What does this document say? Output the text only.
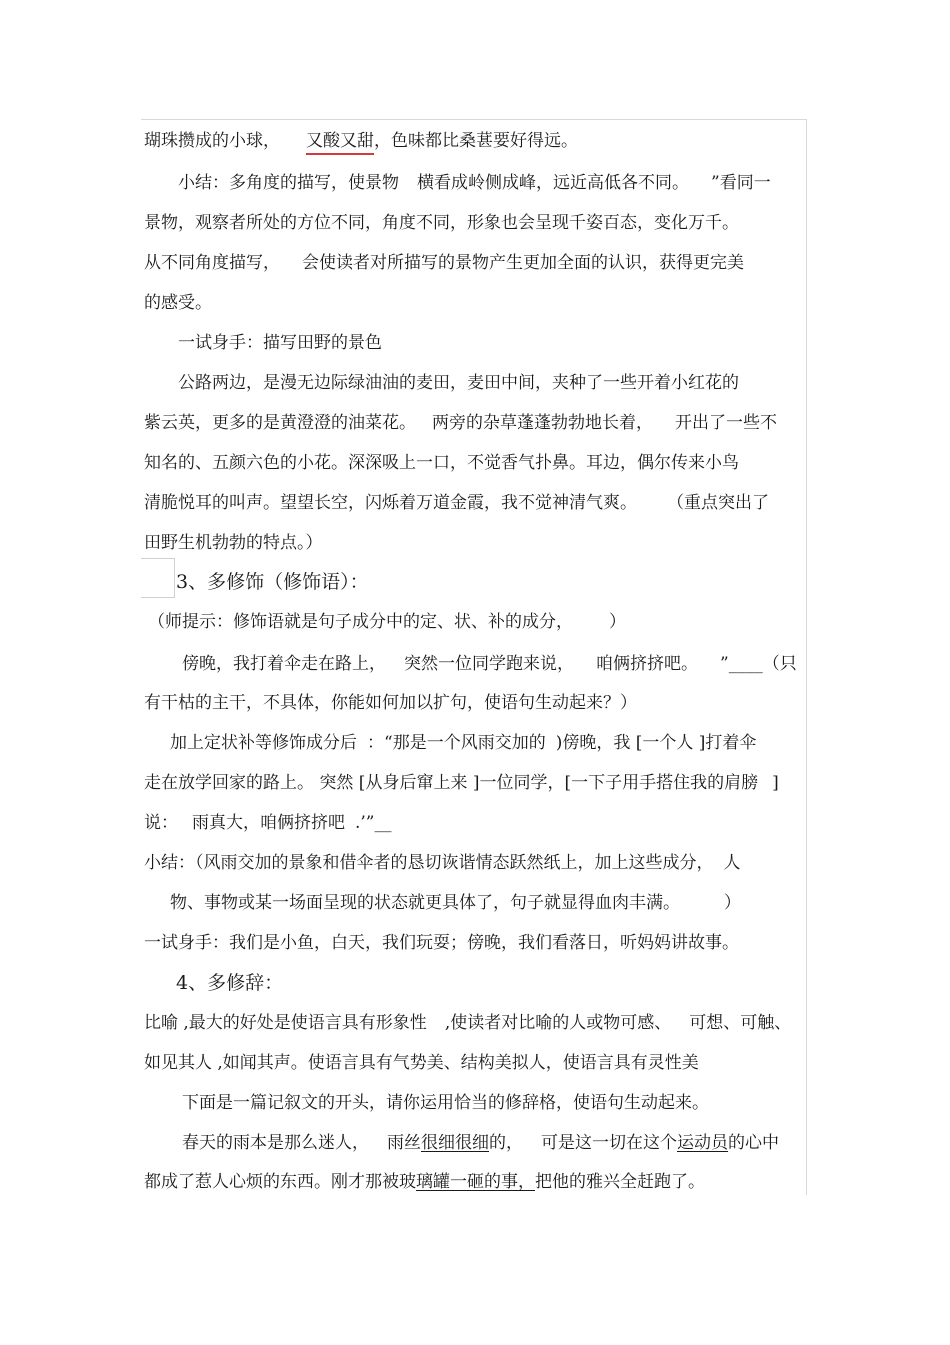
瑚珠攒成的小球， 又酸又甜，色味都比桑葚要好得远。
小结：多角度的描写，使景物 横看成岭侧成峰，远近高低各不同。 ”看同一
景物，观察者所处的方位不同，角度不同，形象也会呈现千姿百态，变化万千。
从不同角度描写， 会使读者对所描写的景物产生更加全面的认识，获得更完美
的感受。
一试身手：描写田野的景色
公路两边，是漫无边际绿油油的麦田，麦田中间，夹种了一些开着小红花的
紫云英，更多的是黄澄澄的油菜花。 两旁的杂草蓬蓬勃勃地长着， 开出了一些不
知名的、五颜六色的小花。深深吸上一口，不觉香气扑鼻。耳边，偶尔传来小鸟
清脆悦耳的叫声。望望长空，闪烁着万道金霞，我不觉神清气爽。 （重点突出了
田野生机勃勃的特点。）
3、多修饰（修饰语）：
（师提示：修饰语就是句子成分中的定、状、补的成分， ）
傍晚，我打着伞走在路上， 突然一位同学跑来说， 咱俩挤挤吧。 ”____（只
有干枯的主干，不具体，你能如何加以扩句，使语句生动起来？）
加上定状补等修饰成分后 ：“那是一个风雨交加的 )傍晚，我 [一个人 ]打着伞
走在放学回家的路上。 突然 [从身后窜上来 ]一位同学，[一下子用手搭住我的肩膀 ]
说： 雨真大，咱俩挤挤吧 .’”__
小结：（风雨交加的景象和借伞者的恳切诙谐情态跃然纸上，加上这些成分， 人
物、事物或某一场面呈现的状态就更具体了，句子就显得血肉丰满。	）
一试身手：我们是小鱼，白天，我们玩耍；傍晚，我们看落日，听妈妈讲故事。
4、多修辞：
比喻 ,最大的好处是使语言具有形象性 ,使读者对比喻的人或物可感、 可想、可触、
如见其人 ,如闻其声。使语言具有气势美、结构美拟人，使语言具有灵性美
下面是一篇记叙文的开头，请你运用恰当的修辞格，使语句生动起来。
春天的雨本是那么迷人， 雨丝很细很细的， 可是这一切在这个运动员的心中
都成了惹人心烦的东西。刚才那被玻璃罐一砸的事，把他的雅兴全赶跑了。
